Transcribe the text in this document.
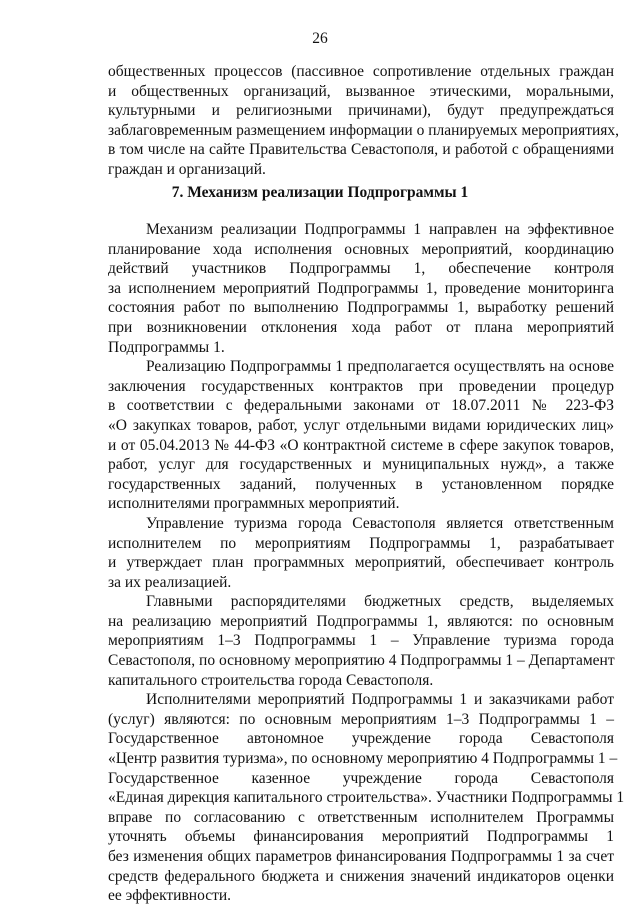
26
общественных процессов (пассивное сопротивление отдельных граждан
и общественных организаций, вызванное этическими, моральными,
культурными и религиозными причинами), будут предупреждаться
заблаговременным размещением информации о планируемых мероприятиях,
в том числе на сайте Правительства Севастополя, и работой с обращениями
граждан и организаций.
7. Механизм реализации Подпрограммы 1
Механизм реализации Подпрограммы 1 направлен на эффективное
планирование хода исполнения основных мероприятий, координацию
действий участников Подпрограммы 1, обеспечение контроля
за исполнением мероприятий Подпрограммы 1, проведение мониторинга
состояния работ по выполнению Подпрограммы 1, выработку решений
при возникновении отклонения хода работ от плана мероприятий
Подпрограммы 1.
Реализацию Подпрограммы 1 предполагается осуществлять на основе
заключения государственных контрактов при проведении процедур
в соответствии с федеральными законами от 18.07.2011 № 223-ФЗ
«О закупках товаров, работ, услуг отдельными видами юридических лиц»
и от 05.04.2013 № 44-ФЗ «О контрактной системе в сфере закупок товаров,
работ, услуг для государственных и муниципальных нужд», а также
государственных заданий, полученных в установленном порядке
исполнителями программных мероприятий.
Управление туризма города Севастополя является ответственным
исполнителем по мероприятиям Подпрограммы 1, разрабатывает
и утверждает план программных мероприятий, обеспечивает контроль
за их реализацией.
Главными распорядителями бюджетных средств, выделяемых
на реализацию мероприятий Подпрограммы 1, являются: по основным
мероприятиям 1–3 Подпрограммы 1 – Управление туризма города
Севастополя, по основному мероприятию 4 Подпрограммы 1 – Департамент
капитального строительства города Севастополя.
Исполнителями мероприятий Подпрограммы 1 и заказчиками работ
(услуг) являются: по основным мероприятиям 1–3 Подпрограммы 1 –
Государственное автономное учреждение города Севастополя
«Центр развития туризма», по основному мероприятию 4 Подпрограммы 1 –
Государственное казенное учреждение города Севастополя
«Единая дирекция капитального строительства». Участники Подпрограммы 1
вправе по согласованию с ответственным исполнителем Программы
уточнять объемы финансирования мероприятий Подпрограммы 1
без изменения общих параметров финансирования Подпрограммы 1 за счет
средств федерального бюджета и снижения значений индикаторов оценки
ее эффективности.
